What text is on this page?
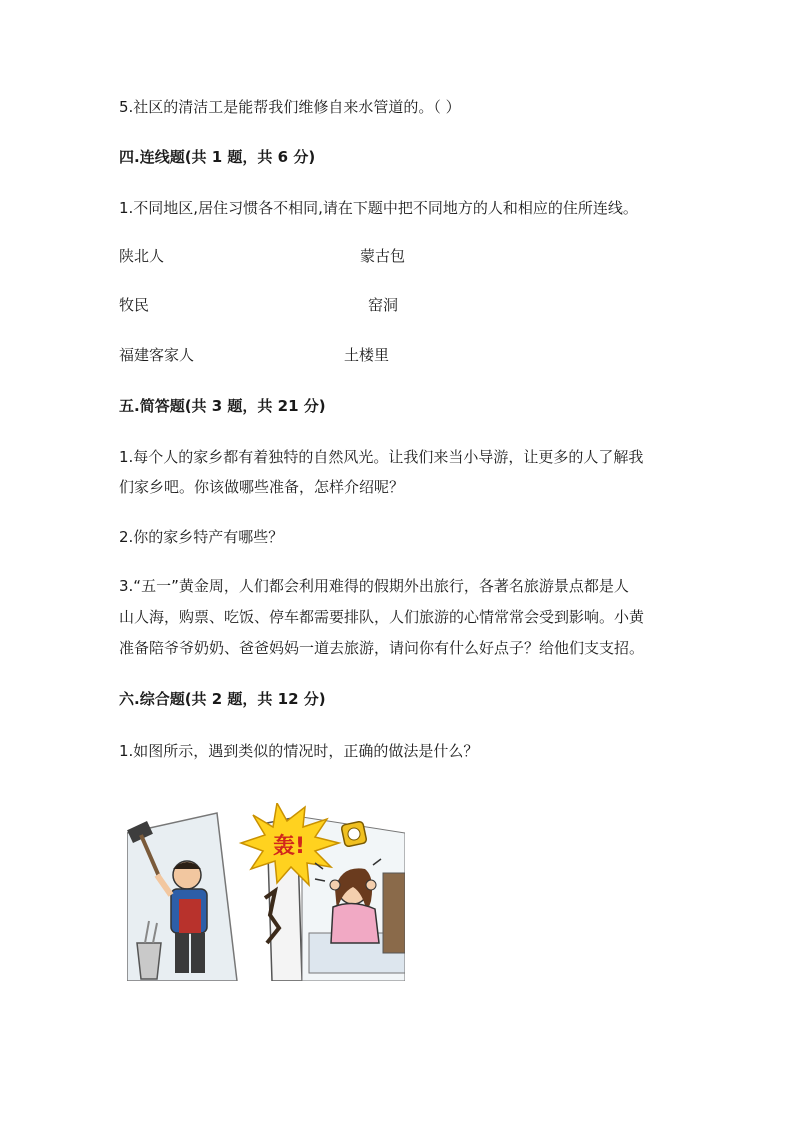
5.社区的清洁工是能帮我们维修自来水管道的。（ ）
四.连线题(共 1 题，共 6 分)
1.不同地区,居住习惯各不相同,请在下题中把不同地方的人和相应的住所连线。
陕北人	蒙古包
牧民	窑洞
福建客家人	土楼里
五.简答题(共 3 题，共 21 分)
1.每个人的家乡都有着独特的自然风光。让我们来当小导游，让更多的人了解我
们家乡吧。你该做哪些准备，怎样介绍呢？
2.你的家乡特产有哪些？
3.“五一”黄金周，人们都会利用难得的假期外出旅行，各著名旅游景点都是人
山人海，购票、吃饭、停车都需要排队，人们旅游的心情常常会受到影响。小黄
准备陪爷爷奶奶、爸爸妈妈一道去旅游，请问你有什么好点子？给他们支支招。
六.综合题(共 2 题，共 12 分)
1.如图所示，遇到类似的情况时，正确的做法是什么？
轰!
